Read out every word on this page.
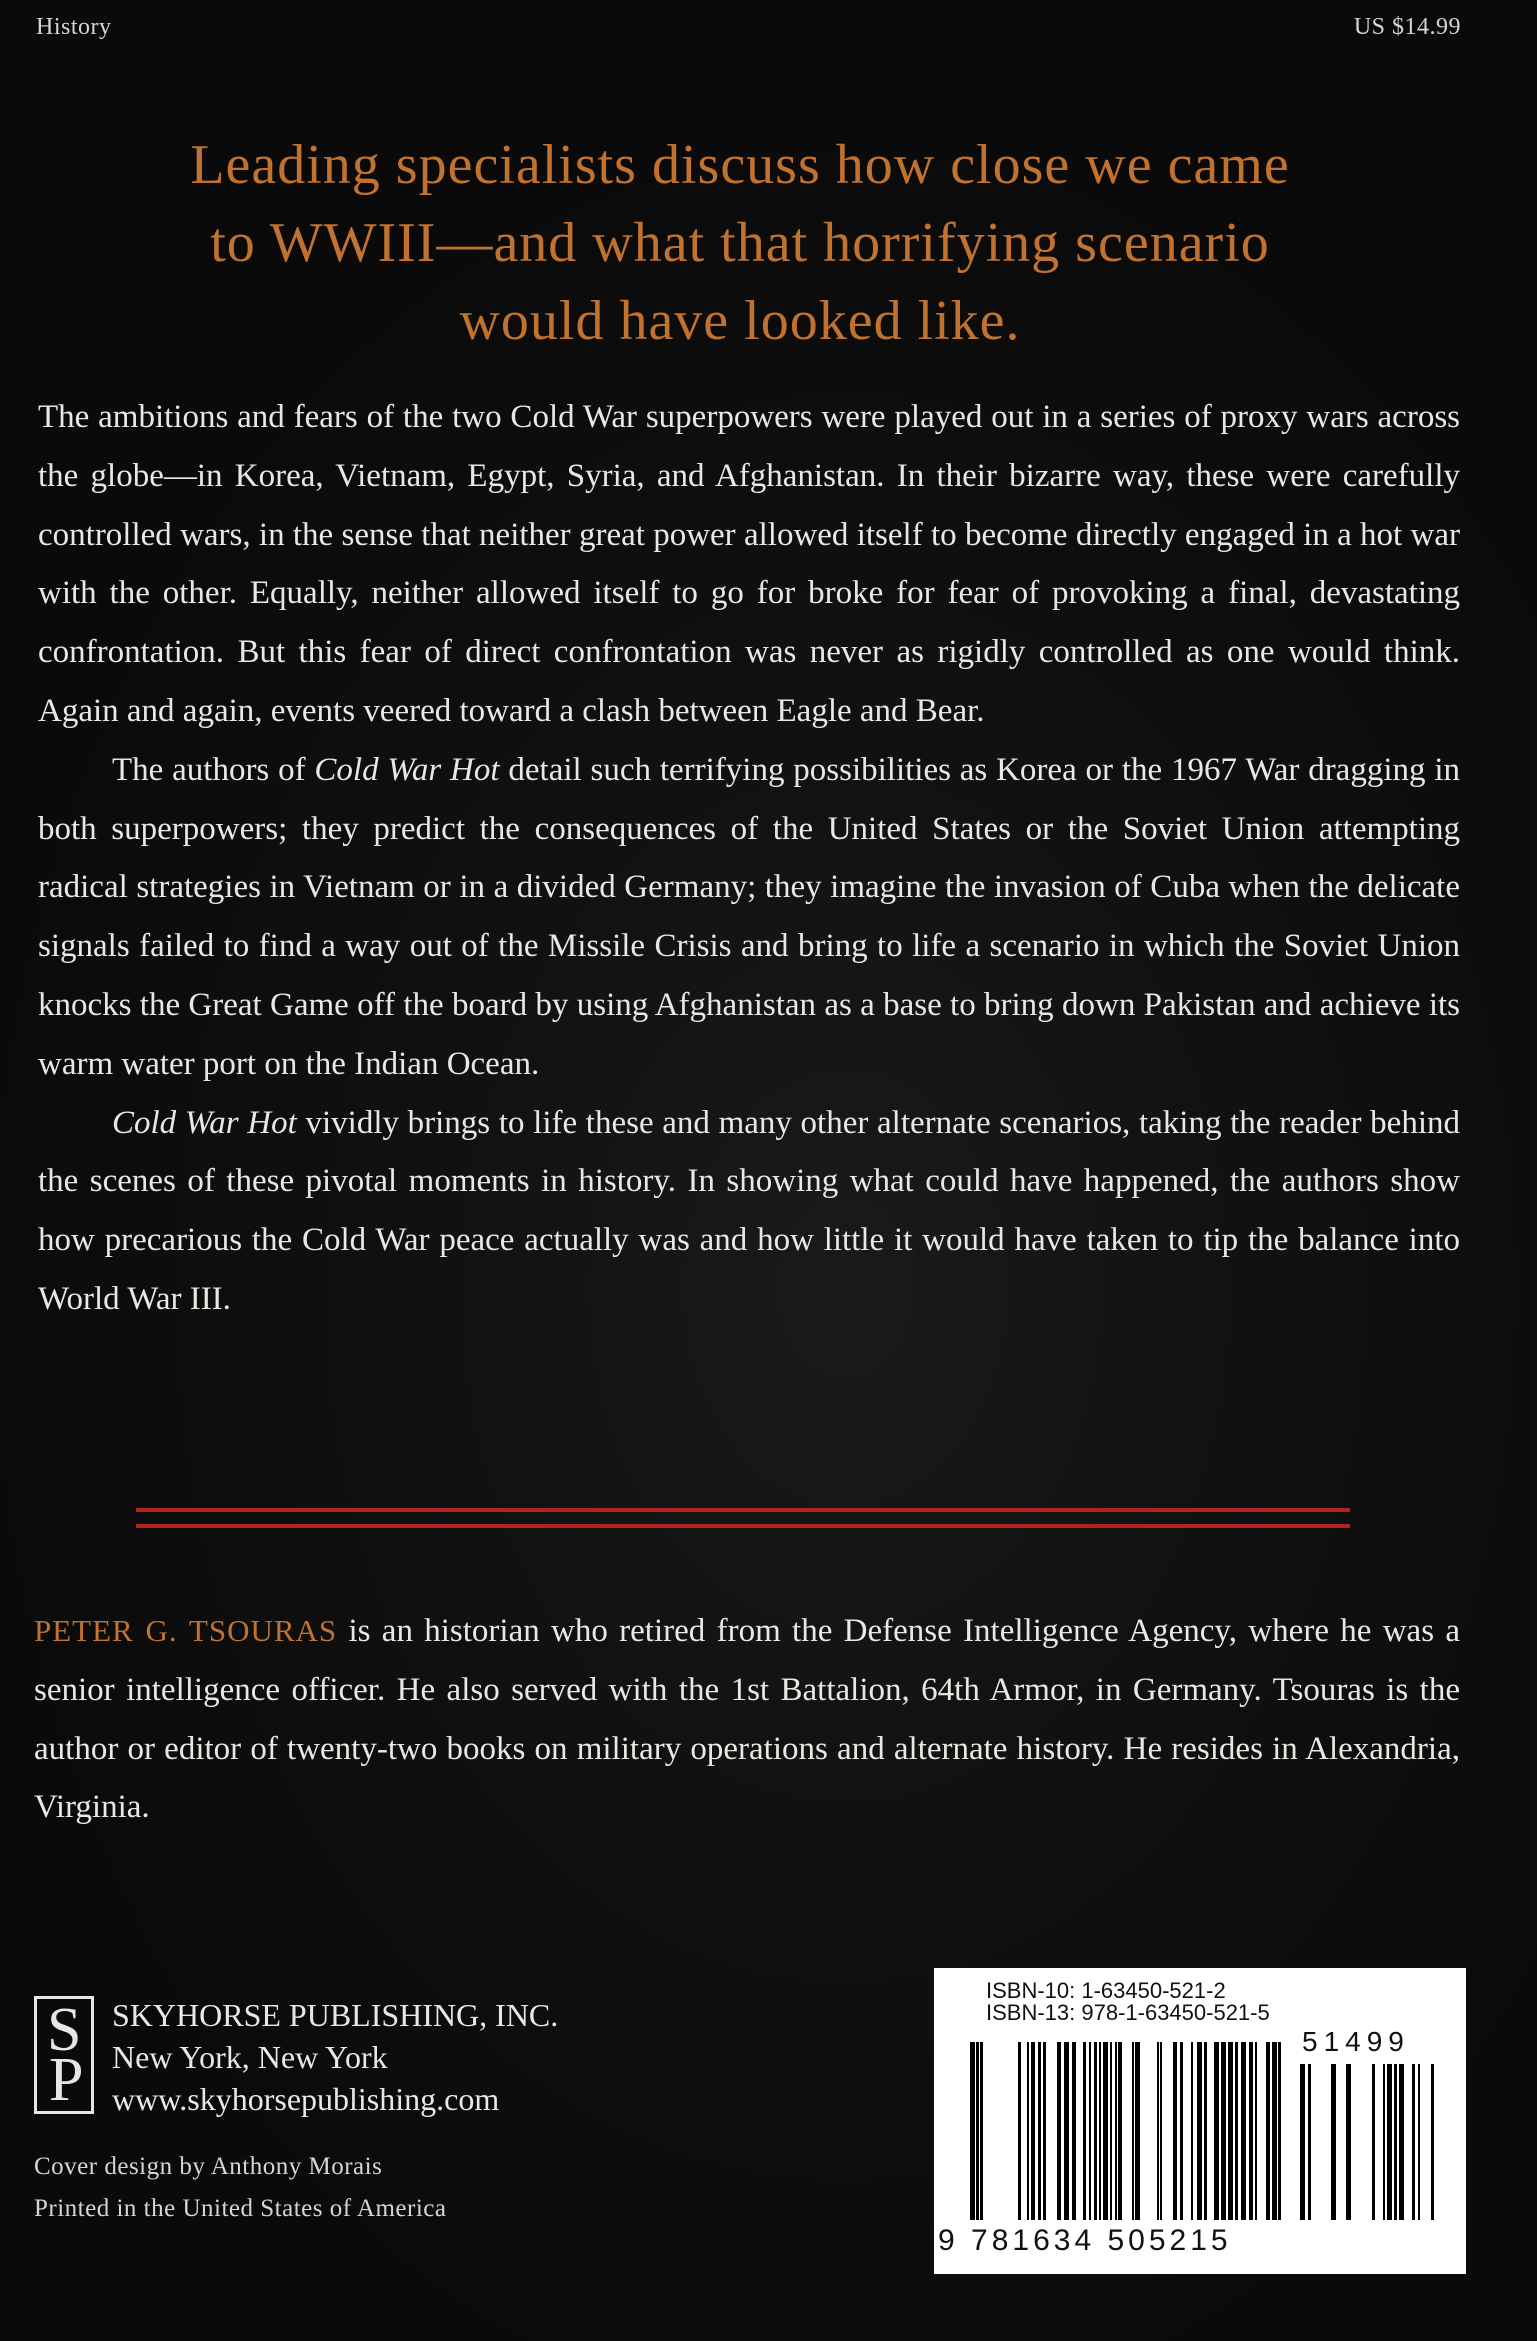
History	US $14.99
Leading specialists discuss how close we came
to WWIII—and what that horrifying scenario
would have looked like.

The ambitions and fears of the two Cold War superpowers were played out in a series of proxy wars across the globe—in Korea, Vietnam, Egypt, Syria, and Afghanistan. In their bizarre way, these were carefully controlled wars, in the sense that neither great power allowed itself to become directly engaged in a hot war with the other. Equally, neither allowed itself to go for broke for fear of provoking a final, devastating confrontation. But this fear of direct confrontation was never as rigidly controlled as one would think. Again and again, events veered toward a clash between Eagle and Bear.

The authors of Cold War Hot detail such terrifying possibilities as Korea or the 1967 War dragging in both superpowers; they predict the consequences of the United States or the Soviet Union attempting radical strategies in Vietnam or in a divided Germany; they imagine the invasion of Cuba when the delicate signals failed to find a way out of the Missile Crisis and bring to life a scenario in which the Soviet Union knocks the Great Game off the board by using Afghanistan as a base to bring down Pakistan and achieve its warm water port on the Indian Ocean.

Cold War Hot vividly brings to life these and many other alternate scenarios, taking the reader behind the scenes of these pivotal moments in history. In showing what could have happened, the authors show how precarious the Cold War peace actually was and how little it would have taken to tip the balance into World War III.

PETER G. TSOURAS is an historian who retired from the Defense Intelligence Agency, where he was a senior intelligence officer. He also served with the 1st Battalion, 64th Armor, in Germany. Tsouras is the author or editor of twenty-two books on military operations and alternate history. He resides in Alexandria, Virginia.
S
P
SKYHORSE PUBLISHING, INC.
New York, New York
www.skyhorsepublishing.com
Cover design by Anthony Morais
Printed in the United States of America
ISBN-10: 1-63450-521-2
ISBN-13: 978-1-63450-521-5
51499
9 781634 505215
